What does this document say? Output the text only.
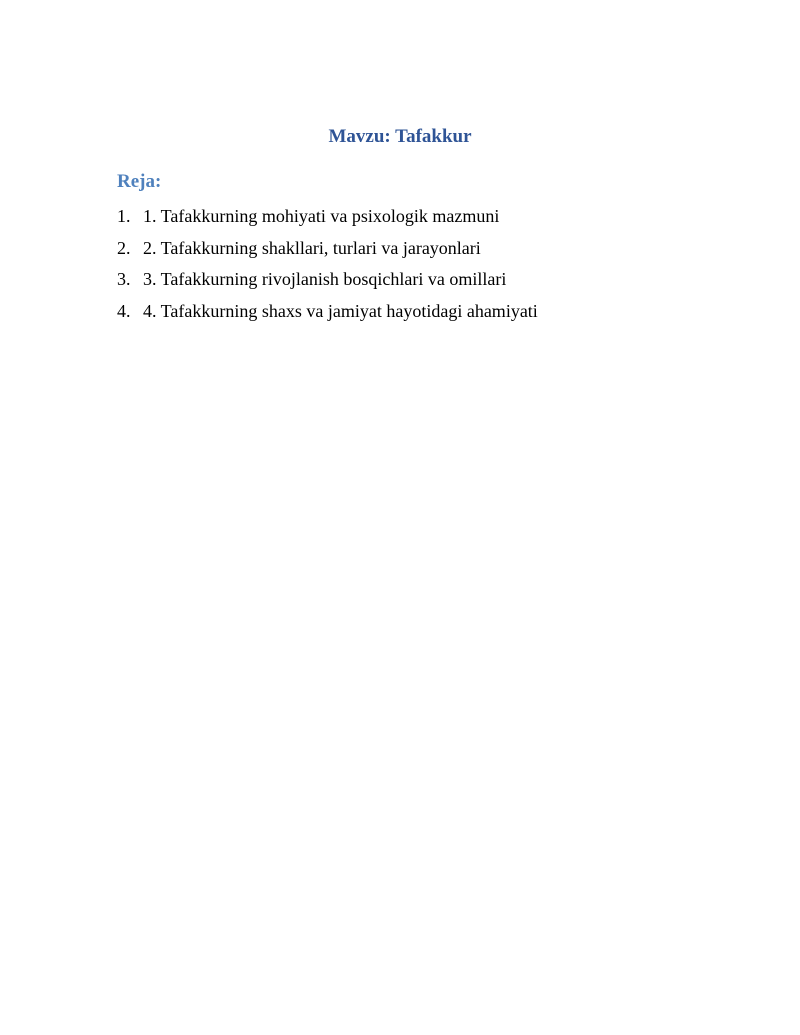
Mavzu: Tafakkur
Reja:
1. 1. Tafakkurning mohiyati va psixologik mazmuni
2. 2. Tafakkurning shakllari, turlari va jarayonlari
3. 3. Tafakkurning rivojlanish bosqichlari va omillari
4. 4. Tafakkurning shaxs va jamiyat hayotidagi ahamiyati
